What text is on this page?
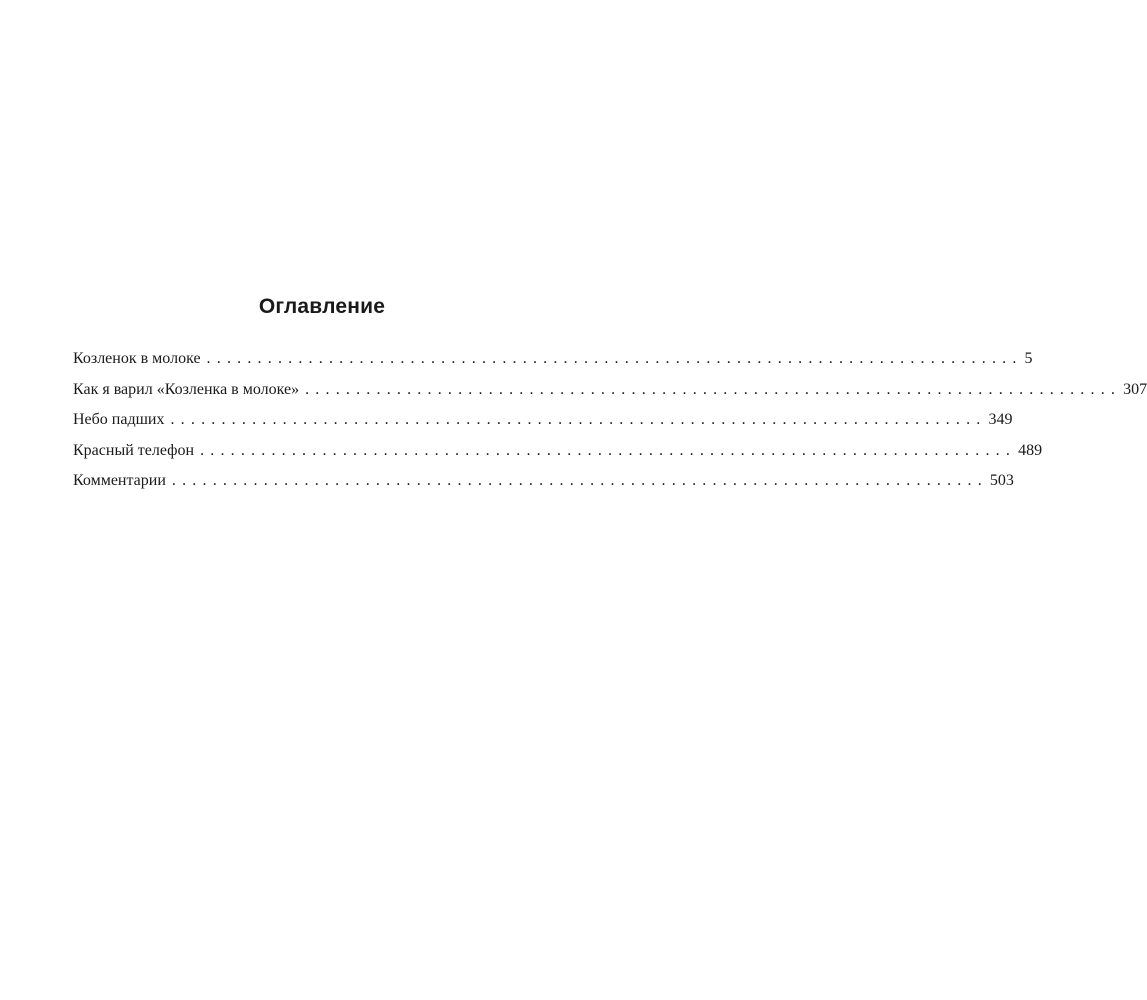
Оглавление
Козленок в молоке ................................................................................ 5
Как я варил «Козленка в молоке» ................................................................................ 307
Небо падших ................................................................................ 349
Красный телефон ................................................................................ 489
Комментарии ................................................................................ 503
